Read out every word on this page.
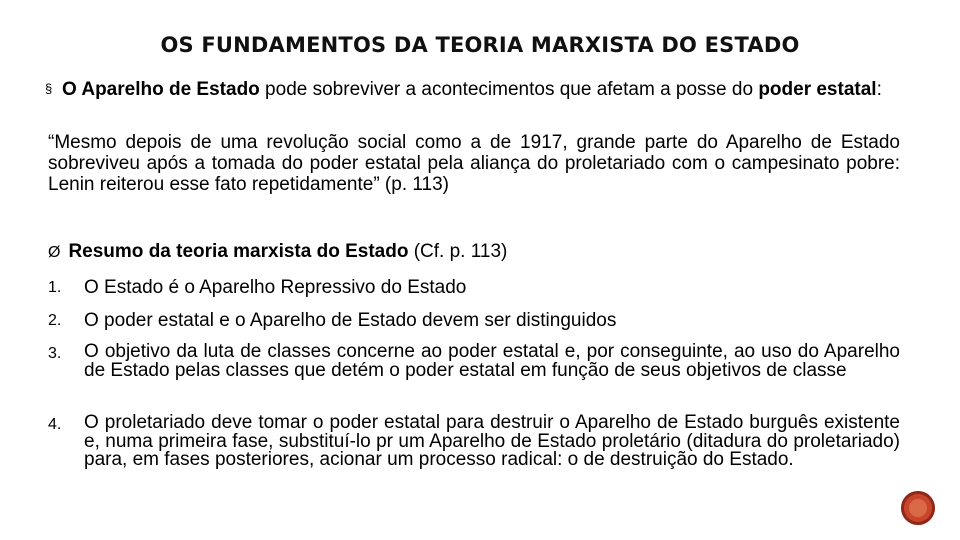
OS FUNDAMENTOS DA TEORIA MARXISTA DO ESTADO
§ O Aparelho de Estado pode sobreviver a acontecimentos que afetam a posse do poder estatal:
“Mesmo depois de uma revolução social como a de 1917, grande parte do Aparelho de Estado sobreviveu após a tomada do poder estatal pela aliança do proletariado com o campesinato pobre: Lenin reiterou esse fato repetidamente” (p. 113)
Ø Resumo da teoria marxista do Estado (Cf. p. 113)
1. O Estado é o Aparelho Repressivo do Estado
2. O poder estatal e o Aparelho de Estado devem ser distinguidos
3. O objetivo da luta de classes concerne ao poder estatal e, por conseguinte, ao uso do Aparelho de Estado pelas classes que detém o poder estatal em função de seus objetivos de classe
4. O proletariado deve tomar o poder estatal para destruir o Aparelho de Estado burguês existente e, numa primeira fase, substituí-lo pr um Aparelho de Estado proletário (ditadura do proletariado) para, em fases posteriores, acionar um processo radical: o de destruição do Estado.
